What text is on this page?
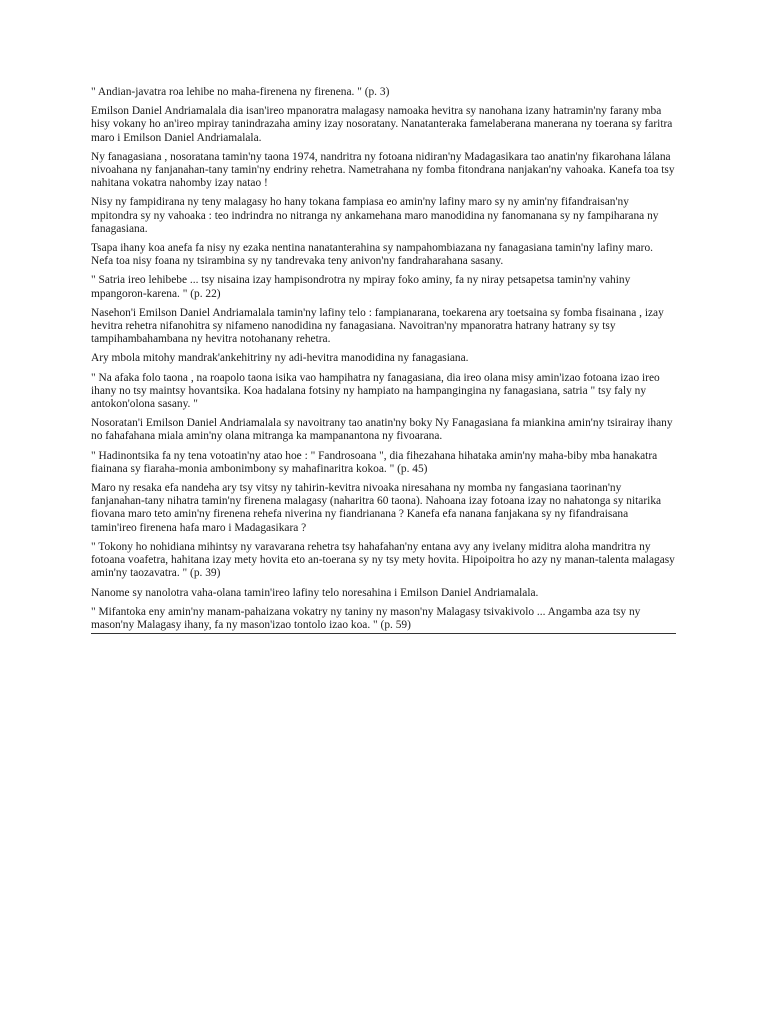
" Andian-javatra roa lehibe no maha-firenena ny firenena. " (p. 3)

Emilson Daniel Andriamalala dia isan'ireo mpanoratra malagasy namoaka hevitra sy nanohana izany hatramin'ny farany mba hisy vokany ho an'ireo mpiray tanindrazaha aminy izay nosoratany. Nanatanteraka famelaberana manerana ny toerana sy faritra maro i Emilson Daniel Andriamalala.

Ny fanagasiana , nosoratana tamin'ny taona 1974, nandritra ny fotoana nidiran'ny Madagasikara tao anatin'ny fikarohana lálana nivoahana ny fanjanahan-tany tamin'ny endriny rehetra. Nametrahana ny fomba fitondrana nanjakan'ny vahoaka. Kanefa toa tsy nahitana vokatra nahomby izay natao !

Nisy ny fampidirana ny teny malagasy ho hany tokana fampiasa eo amin'ny lafiny maro sy ny amin'ny fifandraisan'ny mpitondra sy ny vahoaka : teo indrindra no nitranga ny ankamehana maro manodidina ny fanomanana sy ny fampiharana ny fanagasiana.

Tsapa ihany koa anefa fa nisy ny ezaka nentina nanatanterahina sy nampahombiazana ny fanagasiana tamin'ny lafiny maro. Nefa toa nisy foana ny tsirambina sy ny tandrevaka teny anivon'ny fandraharahana sasany.

" Satria ireo lehibebe ... tsy nisaina izay hampisondrotra ny mpiray foko aminy, fa ny niray petsapetsa tamin'ny vahiny mpangoron-karena. " (p. 22)

Nasehon'i Emilson Daniel Andriamalala tamin'ny lafiny telo : fampianarana, toekarena ary toetsaina sy fomba fisainana , izay hevitra rehetra nifanohitra sy nifameno nanodidina ny fanagasiana. Navoitran'ny mpanoratra hatrany hatrany sy tsy tampihambahambana ny hevitra notohanany rehetra.

Ary mbola mitohy mandrak'ankehitriny ny adi-hevitra manodidina ny fanagasiana.

" Na afaka folo taona , na roapolo taona isika vao hampihatra ny fanagasiana, dia ireo olana misy amin'izao fotoana izao ireo ihany no tsy maintsy hovantsika. Koa hadalana fotsiny ny hampiato na hampangingina ny fanagasiana, satria " tsy faly ny antokon'olona sasany. "

Nosoratan'i Emilson Daniel Andriamalala sy navoitrany tao anatin'ny boky Ny Fanagasiana fa miankina amin'ny tsirairay ihany no fahafahana miala amin'ny olana mitranga ka mampanantona ny fivoarana.

" Hadinontsika fa ny tena votoatin'ny atao hoe : " Fandrosoana ", dia fihezahana hihataka amin'ny maha-biby mba hanakatra fiainana sy fiaraha-monia ambonimbony sy mahafinaritra kokoa. " (p. 45)

Maro ny resaka efa nandeha ary tsy vitsy ny tahirin-kevitra nivoaka niresahana ny momba ny fangasiana taorinan'ny fanjanahan-tany nihatra tamin'ny firenena malagasy (naharitra 60 taona). Nahoana izay fotoana izay no nahatonga sy nitarika fiovana maro teto amin'ny firenena rehefa niverina ny fiandrianana ? Kanefa efa nanana fanjakana sy ny fifandraisana tamin'ireo firenena hafa maro i Madagasikara ?

" Tokony ho nohidiana mihintsy ny varavarana rehetra tsy hahafahan'ny entana avy any ivelany miditra aloha mandritra ny fotoana voafetra, hahitana izay mety hovita eto an-toerana sy ny tsy mety hovita. Hipoipoitra ho azy ny manan-talenta malagasy amin'ny taozavatra. " (p. 39)

Nanome sy nanolotra vaha-olana tamin'ireo lafiny telo noresahina i Emilson Daniel Andriamalala.

" Mifantoka eny amin'ny manam-pahaizana vokatry ny taniny ny mason'ny Malagasy tsivakivolo ... Angamba aza tsy ny mason'ny Malagasy ihany, fa ny mason'izao tontolo izao koa. " (p. 59)
